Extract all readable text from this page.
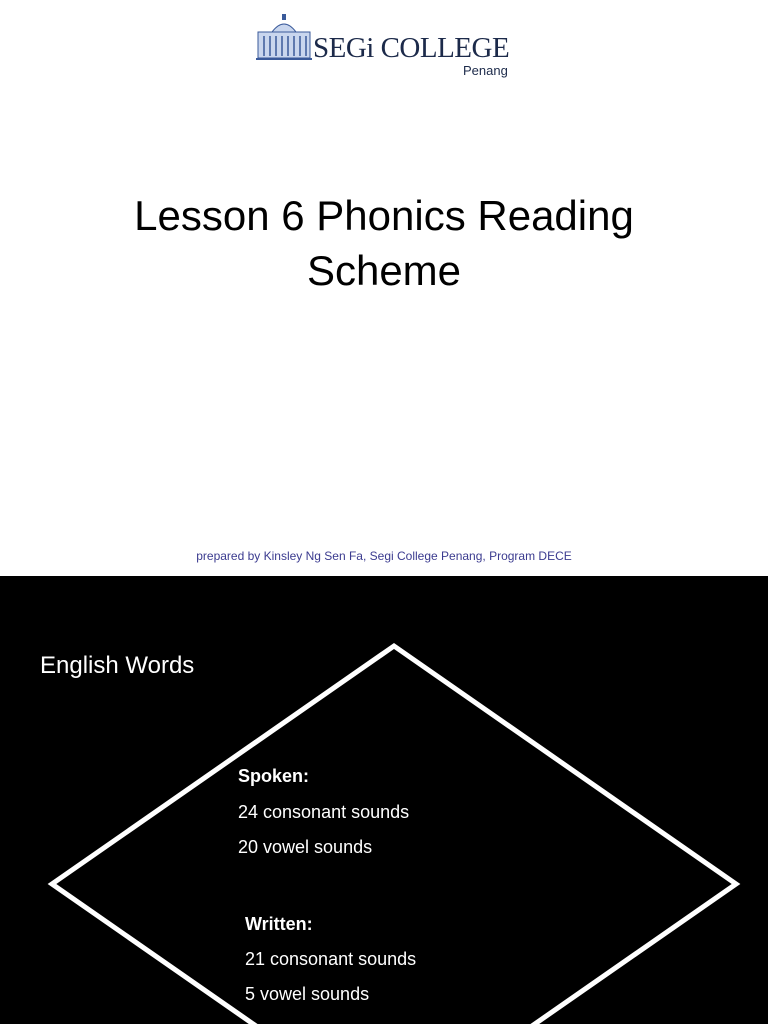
SEGi COLLEGE
Penang
Lesson 6 Phonics Reading Scheme
prepared by Kinsley Ng Sen Fa, Segi College Penang, Program DECE
English Words
Spoken:
24 consonant sounds
20 vowel sounds
Written:
21 consonant sounds
5 vowel sounds
